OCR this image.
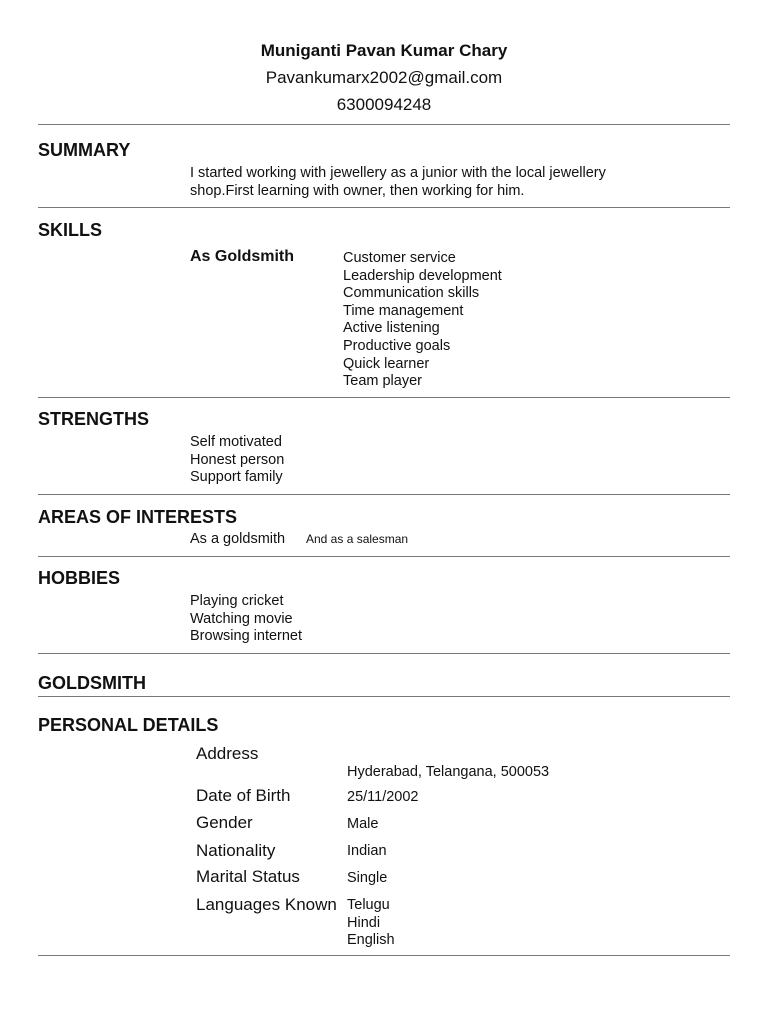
Muniganti Pavan Kumar Chary
Pavankumarx2002@gmail.com
6300094248
SUMMARY
I started working with jewellery as a junior with the local jewellery
shop.First learning with owner, then working for him.
SKILLS
As Goldsmith	Customer service
Leadership development
Communication skills
Time management
Active listening
Productive goals
Quick learner
Team player
STRENGTHS
Self motivated
Honest person
Support family
AREAS OF INTERESTS
As a goldsmith And as a salesman
HOBBIES
Playing cricket
Watching movie
Browsing internet
GOLDSMITH
PERSONAL DETAILS
Address
Hyderabad, Telangana, 500053
Date of Birth	25/11/2002
Gender	Male
Nationality	Indian
Marital Status	Single
Languages Known Telugu
Hindi
English
